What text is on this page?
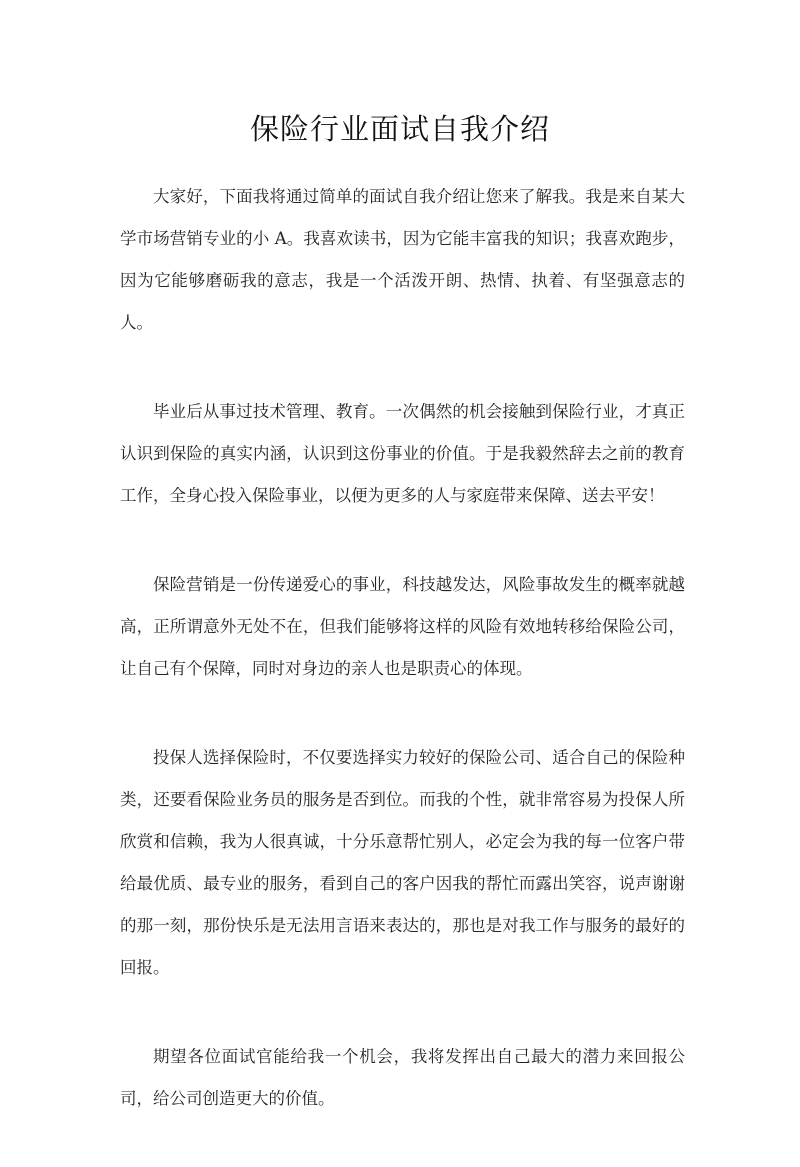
保险行业面试自我介绍

大家好，下面我将通过简单的面试自我介绍让您来了解我。我是来自某大学市场营销专业的小 A。我喜欢读书，因为它能丰富我的知识；我喜欢跑步，因为它能够磨砺我的意志，我是一个活泼开朗、热情、执着、有坚强意志的人。

毕业后从事过技术管理、教育。一次偶然的机会接触到保险行业，才真正认识到保险的真实内涵，认识到这份事业的价值。于是我毅然辞去之前的教育工作，全身心投入保险事业，以便为更多的人与家庭带来保障、送去平安！

保险营销是一份传递爱心的事业，科技越发达，风险事故发生的概率就越高，正所谓意外无处不在，但我们能够将这样的风险有效地转移给保险公司，让自己有个保障，同时对身边的亲人也是职责心的体现。

投保人选择保险时，不仅要选择实力较好的保险公司、适合自己的保险种类，还要看保险业务员的服务是否到位。而我的个性，就非常容易为投保人所欣赏和信赖，我为人很真诚，十分乐意帮忙别人，必定会为我的每一位客户带给最优质、最专业的服务，看到自己的客户因我的帮忙而露出笑容，说声谢谢的那一刻，那份快乐是无法用言语来表达的，那也是对我工作与服务的最好的回报。

期望各位面试官能给我一个机会，我将发挥出自己最大的潜力来回报公司，给公司创造更大的价值。
